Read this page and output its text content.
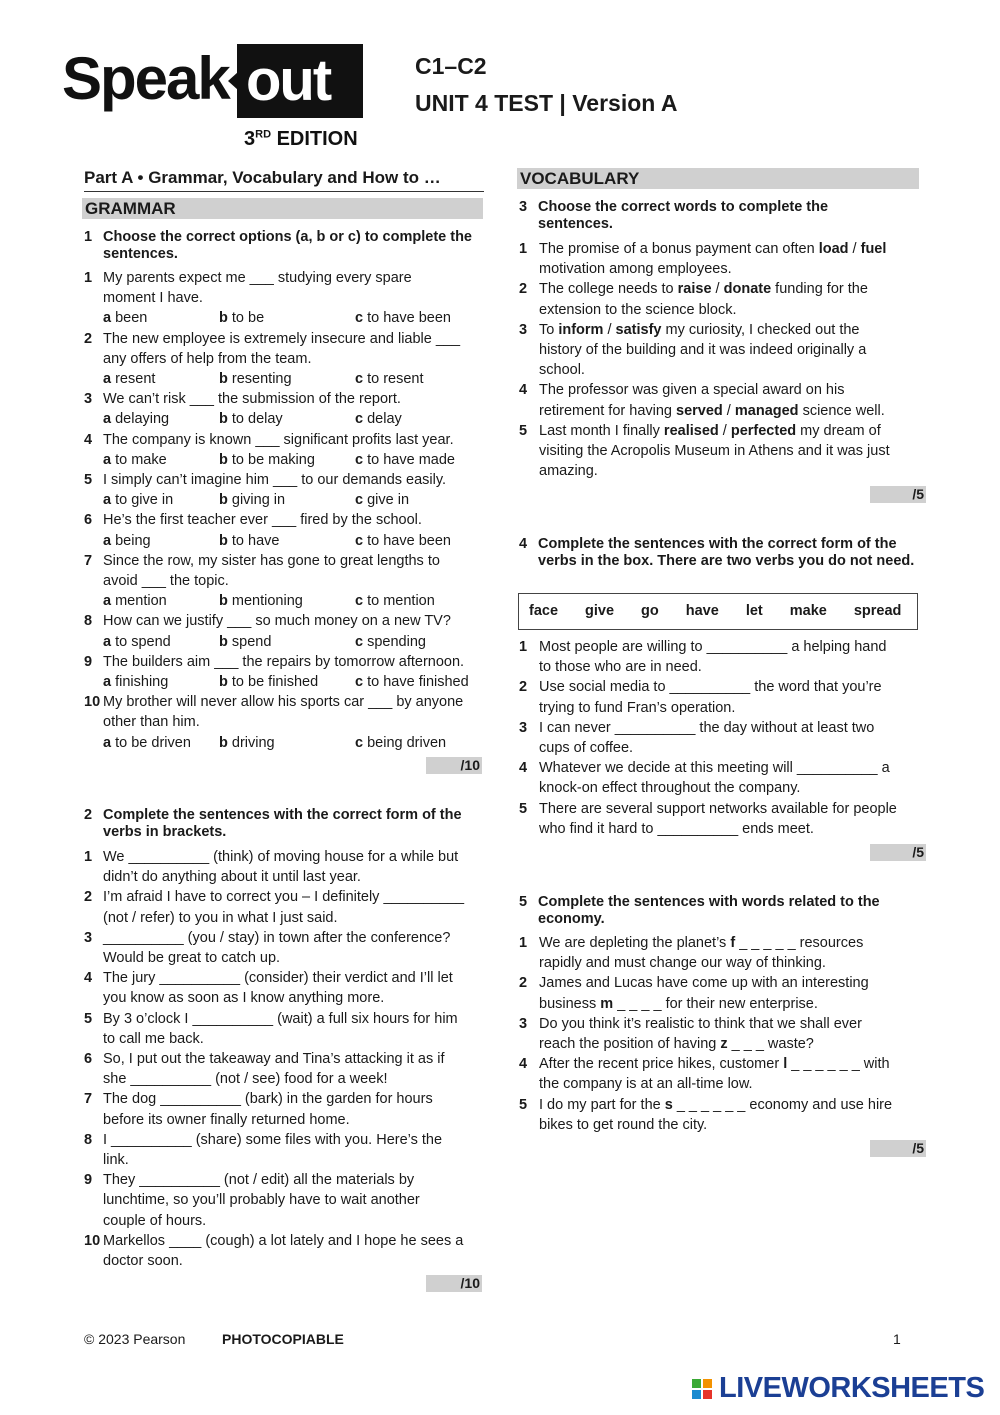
Speak out
3RD EDITION
C1–C2
UNIT 4 TEST | Version A
Part A • Grammar, Vocabulary and How to …
GRAMMAR
VOCABULARY
1 Choose the correct options (a, b or c) to complete the sentences.
1 My parents expect me ___ studying every spare
moment I have.
a been	b to be	c to have been
2 The new employee is extremely insecure and liable ___
any offers of help from the team.
a resent	b resenting	c to resent
3 We can’t risk ___ the submission of the report.
a delaying	b to delay	c delay
4 The company is known ___ significant profits last year.
a to make	b to be making	c to have made
5 I simply can’t imagine him ___ to our demands easily.
a to give in	b giving in	c give in
6 He’s the first teacher ever ___ fired by the school.
a being	b to have	c to have been
7 Since the row, my sister has gone to great lengths to
avoid ___ the topic.
a mention	b mentioning	c to mention
8 How can we justify ___ so much money on a new TV?
a to spend	b spend	c spending
9 The builders aim ___ the repairs by tomorrow afternoon.
a finishing	b to be finished	c to have finished
10 My brother will never allow his sports car ___ by anyone
other than him.
a to be driven b driving	c being driven
/10
2 Complete the sentences with the correct form of the verbs in brackets.
1 We __________ (think) of moving house for a while but
didn’t do anything about it until last year.
2 I’m afraid I have to correct you – I definitely __________
(not / refer) to you in what I just said.
3 __________ (you / stay) in town after the conference?
Would be great to catch up.
4 The jury __________ (consider) their verdict and I’ll let
you know as soon as I know anything more.
5 By 3 o’clock I __________ (wait) a full six hours for him
to call me back.
6 So, I put out the takeaway and Tina’s attacking it as if
she __________ (not / see) food for a week!
7 The dog __________ (bark) in the garden for hours
before its owner finally returned home.
8 I __________ (share) some files with you. Here’s the
link.
9 They __________ (not / edit) all the materials by
lunchtime, so you’ll probably have to wait another
couple of hours.
10 Markellos ____ (cough) a lot lately and I hope he sees a
doctor soon.
/10
3 Choose the correct words to complete the sentences.
1 The promise of a bonus payment can often load / fuel
motivation among employees.
2 The college needs to raise / donate funding for the
extension to the science block.
3 To inform / satisfy my curiosity, I checked out the
history of the building and it was indeed originally a
school.
4 The professor was given a special award on his
retirement for having served / managed science well.
5 Last month I finally realised / perfected my dream of
visiting the Acropolis Museum in Athens and it was just
amazing.
/5
4 Complete the sentences with the correct form of the verbs in the box. There are two verbs you do not need.
1 Most people are willing to __________ a helping hand
to those who are in need.
2 Use social media to __________ the word that you’re
trying to fund Fran’s operation.
3 I can never __________ the day without at least two
cups of coffee.
4 Whatever we decide at this meeting will __________ a
knock-on effect throughout the company.
5 There are several support networks available for people
who find it hard to __________ ends meet.
/5
5 Complete the sentences with words related to the economy.
1 We are depleting the planet’s f _ _ _ _ _ resources
rapidly and must change our way of thinking.
2 James and Lucas have come up with an interesting
business m _ _ _ _ for their new enterprise.
3 Do you think it’s realistic to think that we shall ever
reach the position of having z _ _ _ waste?
4 After the recent price hikes, customer l _ _ _ _ _ _ with
the company is at an all-time low.
5 I do my part for the s _ _ _ _ _ _ economy and use hire
bikes to get round the city.
/5
face give go have let make spread
© 2023 Pearson	PHOTOCOPIABLE	1
LIVEWORKSHEETS
